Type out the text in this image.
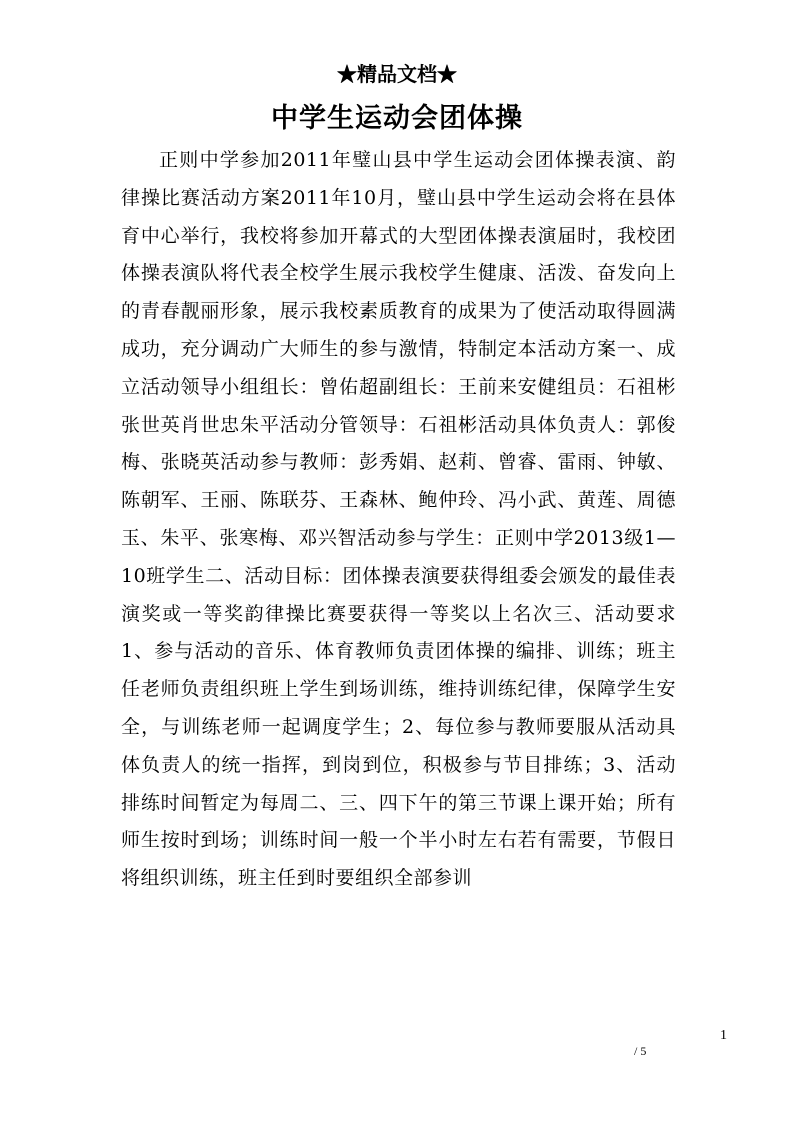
★精品文档★
中学生运动会团体操

正则中学参加2011年璧山县中学生运动会团体操表演、韵律操比赛活动方案2011年10月，璧山县中学生运动会将在县体育中心举行，我校将参加开幕式的大型团体操表演届时，我校团体操表演队将代表全校学生展示我校学生健康、活泼、奋发向上的青春靓丽形象，展示我校素质教育的成果为了使活动取得圆满成功，充分调动广大师生的参与激情，特制定本活动方案一、成立活动领导小组组长：曾佑超副组长：王前来安健组员：石祖彬张世英肖世忠朱平活动分管领导：石祖彬活动具体负责人：郭俊梅、张晓英活动参与教师：彭秀娟、赵莉、曾睿、雷雨、钟敏、陈朝军、王丽、陈联芬、王森林、鲍仲玲、冯小武、黄莲、周德玉、朱平、张寒梅、邓兴智活动参与学生：正则中学2013级1—10班学生二、活动目标：团体操表演要获得组委会颁发的最佳表演奖或一等奖韵律操比赛要获得一等奖以上名次三、活动要求1、参与活动的音乐、体育教师负责团体操的编排、训练；班主任老师负责组织班上学生到场训练，维持训练纪律，保障学生安全，与训练老师一起调度学生；2、每位参与教师要服从活动具体负责人的统一指挥，到岗到位，积极参与节目排练；3、活动排练时间暂定为每周二、三、四下午的第三节课上课开始；所有师生按时到场；训练时间一般一个半小时左右若有需要，节假日将组织训练，班主任到时要组织全部参训

1
/ 5
